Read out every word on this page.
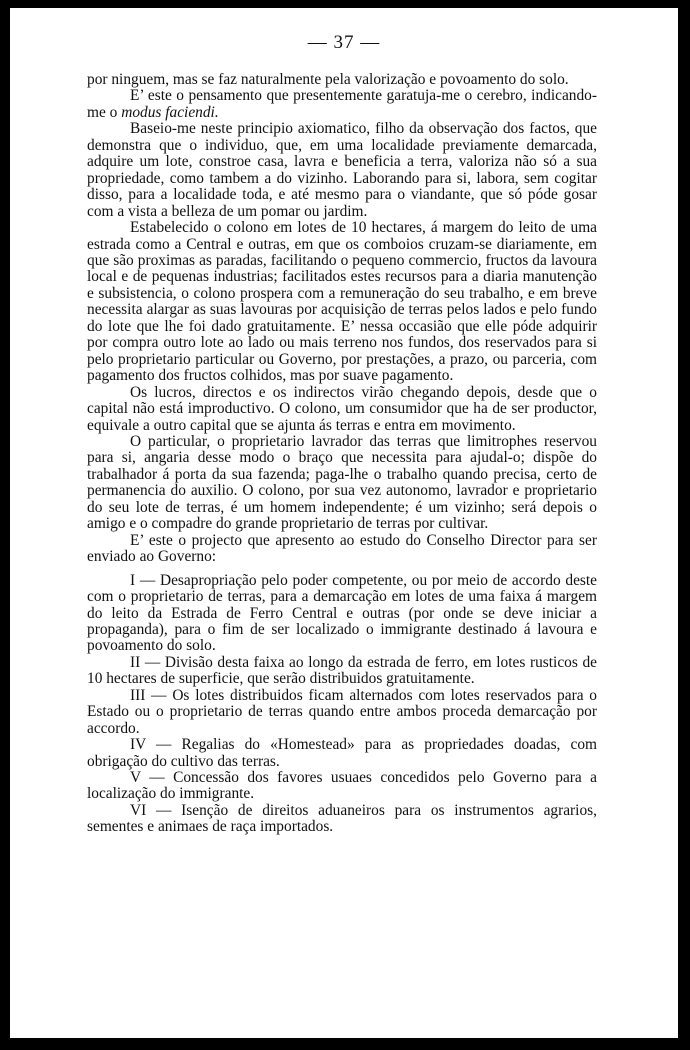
— 37 —

por ninguem, mas se faz naturalmente pela valorização e povoamento do solo.

E’ este o pensamento que presentemente garatuja-me o cerebro, indicando-me o modus faciendi.

Baseio-me neste principio axiomatico, filho da observação dos factos, que demonstra que o individuo, que, em uma localidade previamente demarcada, adquire um lote, constroe casa, lavra e beneficia a terra, valoriza não só a sua propriedade, como tambem a do vizinho. Laborando para si, labora, sem cogitar disso, para a localidade toda, e até mesmo para o viandante, que só póde gosar com a vista a belleza de um pomar ou jardim.

Estabelecido o colono em lotes de 10 hectares, á margem do leito de uma estrada como a Central e outras, em que os comboios cruzam-se diariamente, em que são proximas as paradas, facilitando o pequeno commercio, fructos da lavoura local e de pequenas industrias; facilitados estes recursos para a diaria manutenção e subsistencia, o colono prospera com a remuneração do seu trabalho, e em breve necessita alargar as suas lavouras por acquisição de terras pelos lados e pelo fundo do lote que lhe foi dado gratuitamente. E’ nessa occasião que elle póde adquirir por compra outro lote ao lado ou mais terreno nos fundos, dos reservados para si pelo proprietario particular ou Governo, por prestações, a prazo, ou parceria, com pagamento dos fructos colhidos, mas por suave pagamento.

Os lucros, directos e os indirectos virão chegando depois, desde que o capital não está improductivo. O colono, um consumidor que ha de ser productor, equivale a outro capital que se ajunta ás terras e entra em movimento.

O particular, o proprietario lavrador das terras que limitrophes reservou para si, angaria desse modo o braço que necessita para ajudal-o; dispõe do trabalhador á porta da sua fazenda; paga-lhe o trabalho quando precisa, certo de permanencia do auxilio. O colono, por sua vez autonomo, lavrador e proprietario do seu lote de terras, é um homem independente; é um vizinho; será depois o amigo e o compadre do grande proprietario de terras por cultivar.

E’ este o projecto que apresento ao estudo do Conselho Director para ser enviado ao Governo:

I — Desapropriação pelo poder competente, ou por meio de accordo deste com o proprietario de terras, para a demarcação em lotes de uma faixa á margem do leito da Estrada de Ferro Central e outras (por onde se deve iniciar a propaganda), para o fim de ser localizado o immigrante destinado á lavoura e povoamento do solo.

II — Divisão desta faixa ao longo da estrada de ferro, em lotes rusticos de 10 hectares de superficie, que serão distribuidos gratuitamente.

III — Os lotes distribuidos ficam alternados com lotes reservados para o Estado ou o proprietario de terras quando entre ambos proceda demarcação por accordo.

IV — Regalias do «Homestead» para as propriedades doadas, com obrigação do cultivo das terras.

V — Concessão dos favores usuaes concedidos pelo Governo para a localização do immigrante.

VI — Isenção de direitos aduaneiros para os instrumentos agrarios, sementes e animaes de raça importados.
